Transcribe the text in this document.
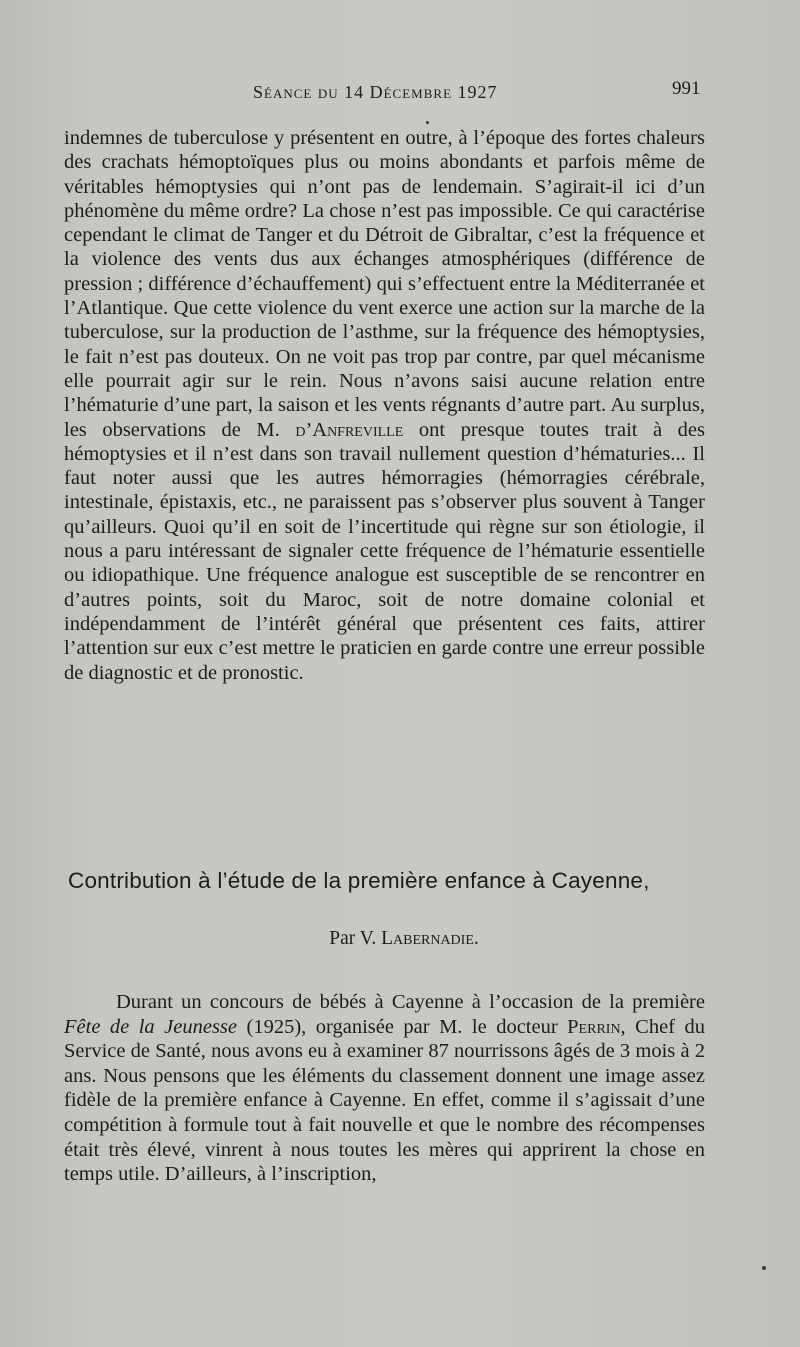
Séance du 14 Décembre 1927	991

indemnes de tuberculose y présentent en outre, à l’époque des fortes chaleurs des crachats hémoptoïques plus ou moins abondants et parfois même de véritables hémoptysies qui n’ont pas de lendemain. S’agirait-il ici d’un phénomène du même ordre? La chose n’est pas impossible. Ce qui caractérise cependant le climat de Tanger et du Détroit de Gibraltar, c’est la fréquence et la violence des vents dus aux échanges atmosphériques (différence de pression ; différence d’échauffement) qui s’effectuent entre la Méditerranée et l’Atlantique. Que cette violence du vent exerce une action sur la marche de la tuberculose, sur la production de l’asthme, sur la fréquence des hémoptysies, le fait n’est pas douteux. On ne voit pas trop par contre, par quel mécanisme elle pourrait agir sur le rein. Nous n’avons saisi aucune relation entre l’hématurie d’une part, la saison et les vents régnants d’autre part. Au surplus, les observations de M. d’Anfreville ont presque toutes trait à des hémoptysies et il n’est dans son travail nullement question d’hématuries... Il faut noter aussi que les autres hémorragies (hémorragies cérébrale, intestinale, épistaxis, etc., ne paraissent pas s’observer plus souvent à Tanger qu’ailleurs. Quoi qu’il en soit de l’incertitude qui règne sur son étiologie, il nous a paru intéressant de signaler cette fréquence de l’hématurie essentielle ou idiopathique. Une fréquence analogue est susceptible de se rencontrer en d’autres points, soit du Maroc, soit de notre domaine colonial et indépendamment de l’intérêt général que présentent ces faits, attirer l’attention sur eux c’est mettre le praticien en garde contre une erreur possible de diagnostic et de pronostic.

Contribution à l’étude de la première enfance à Cayenne,
Par V. Labernadie.

Durant un concours de bébés à Cayenne à l’occasion de la première Fête de la Jeunesse (1925), organisée par M. le docteur Perrin, Chef du Service de Santé, nous avons eu à examiner 87 nourrissons âgés de 3 mois à 2 ans. Nous pensons que les éléments du classement donnent une image assez fidèle de la première enfance à Cayenne. En effet, comme il s’agissait d’une compétition à formule tout à fait nouvelle et que le nombre des récompenses était très élevé, vinrent à nous toutes les mères qui apprirent la chose en temps utile. D’ailleurs, à l’inscription,
